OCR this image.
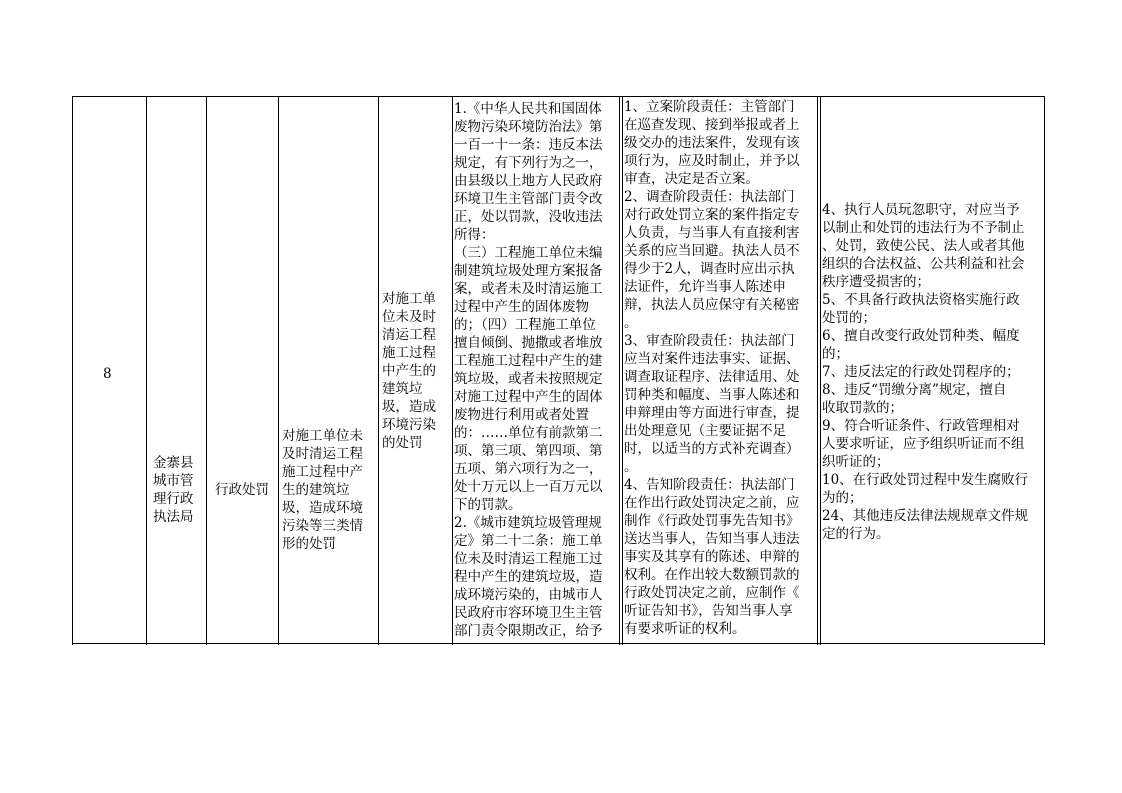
8
金寨县
城市管
理行政
执法局
行政处罚
对施工单位未
及时清运工程
施工过程中产
生的建筑垃
圾，造成环境
污染等三类情
形的处罚
对施工单
位未及时
清运工程
施工过程
中产生的
建筑垃
圾，造成
环境污染
的处罚
1.《中华人民共和国固体
废物污染环境防治法》第
一百一十一条：违反本法
规定，有下列行为之一，
由县级以上地方人民政府
环境卫生主管部门责令改
正，处以罚款，没收违法
所得：
（三）工程施工单位未编
制建筑垃圾处理方案报备
案，或者未及时清运施工
过程中产生的固体废物
的；（四）工程施工单位
擅自倾倒、抛撒或者堆放
工程施工过程中产生的建
筑垃圾，或者未按照规定
对施工过程中产生的固体
废物进行利用或者处置
的：……单位有前款第二
项、第三项、第四项、第
五项、第六项行为之一，
处十万元以上一百万元以
下的罚款。
2.《城市建筑垃圾管理规
定》第二十二条：施工单
位未及时清运工程施工过
程中产生的建筑垃圾，造
成环境污染的，由城市人
民政府市容环境卫生主管
部门责令限期改正，给予
1、立案阶段责任：主管部门
在巡查发现、接到举报或者上
级交办的违法案件，发现有该
项行为，应及时制止，并予以
审查，决定是否立案。
2、调查阶段责任：执法部门
对行政处罚立案的案件指定专
人负责，与当事人有直接利害
关系的应当回避。执法人员不
得少于2人，调查时应出示执
法证件，允许当事人陈述申
辩，执法人员应保守有关秘密
。
3、审查阶段责任：执法部门
应当对案件违法事实、证据、
调查取证程序、法律适用、处
罚种类和幅度、当事人陈述和
申辩理由等方面进行审查，提
出处理意见（主要证据不足
时，以适当的方式补充调查）
。
4、告知阶段责任：执法部门
在作出行政处罚决定之前，应
制作《行政处罚事先告知书》
送达当事人，告知当事人违法
事实及其享有的陈述、申辩的
权利。在作出较大数额罚款的
行政处罚决定之前，应制作《
听证告知书》，告知当事人享
有要求听证的权利。
4、执行人员玩忽职守，对应当予
以制止和处罚的违法行为不予制止
、处罚，致使公民、法人或者其他
组织的合法权益、公共利益和社会
秩序遭受损害的；
5、不具备行政执法资格实施行政
处罚的；
6、擅自改变行政处罚种类、幅度
的；
7、违反法定的行政处罚程序的；
8、违反“罚缴分离”规定，擅自
收取罚款的；
9、符合听证条件、行政管理相对
人要求听证，应予组织听证而不组
织听证的；
10、在行政处罚过程中发生腐败行
为的；
24、其他违反法律法规规章文件规
定的行为。
